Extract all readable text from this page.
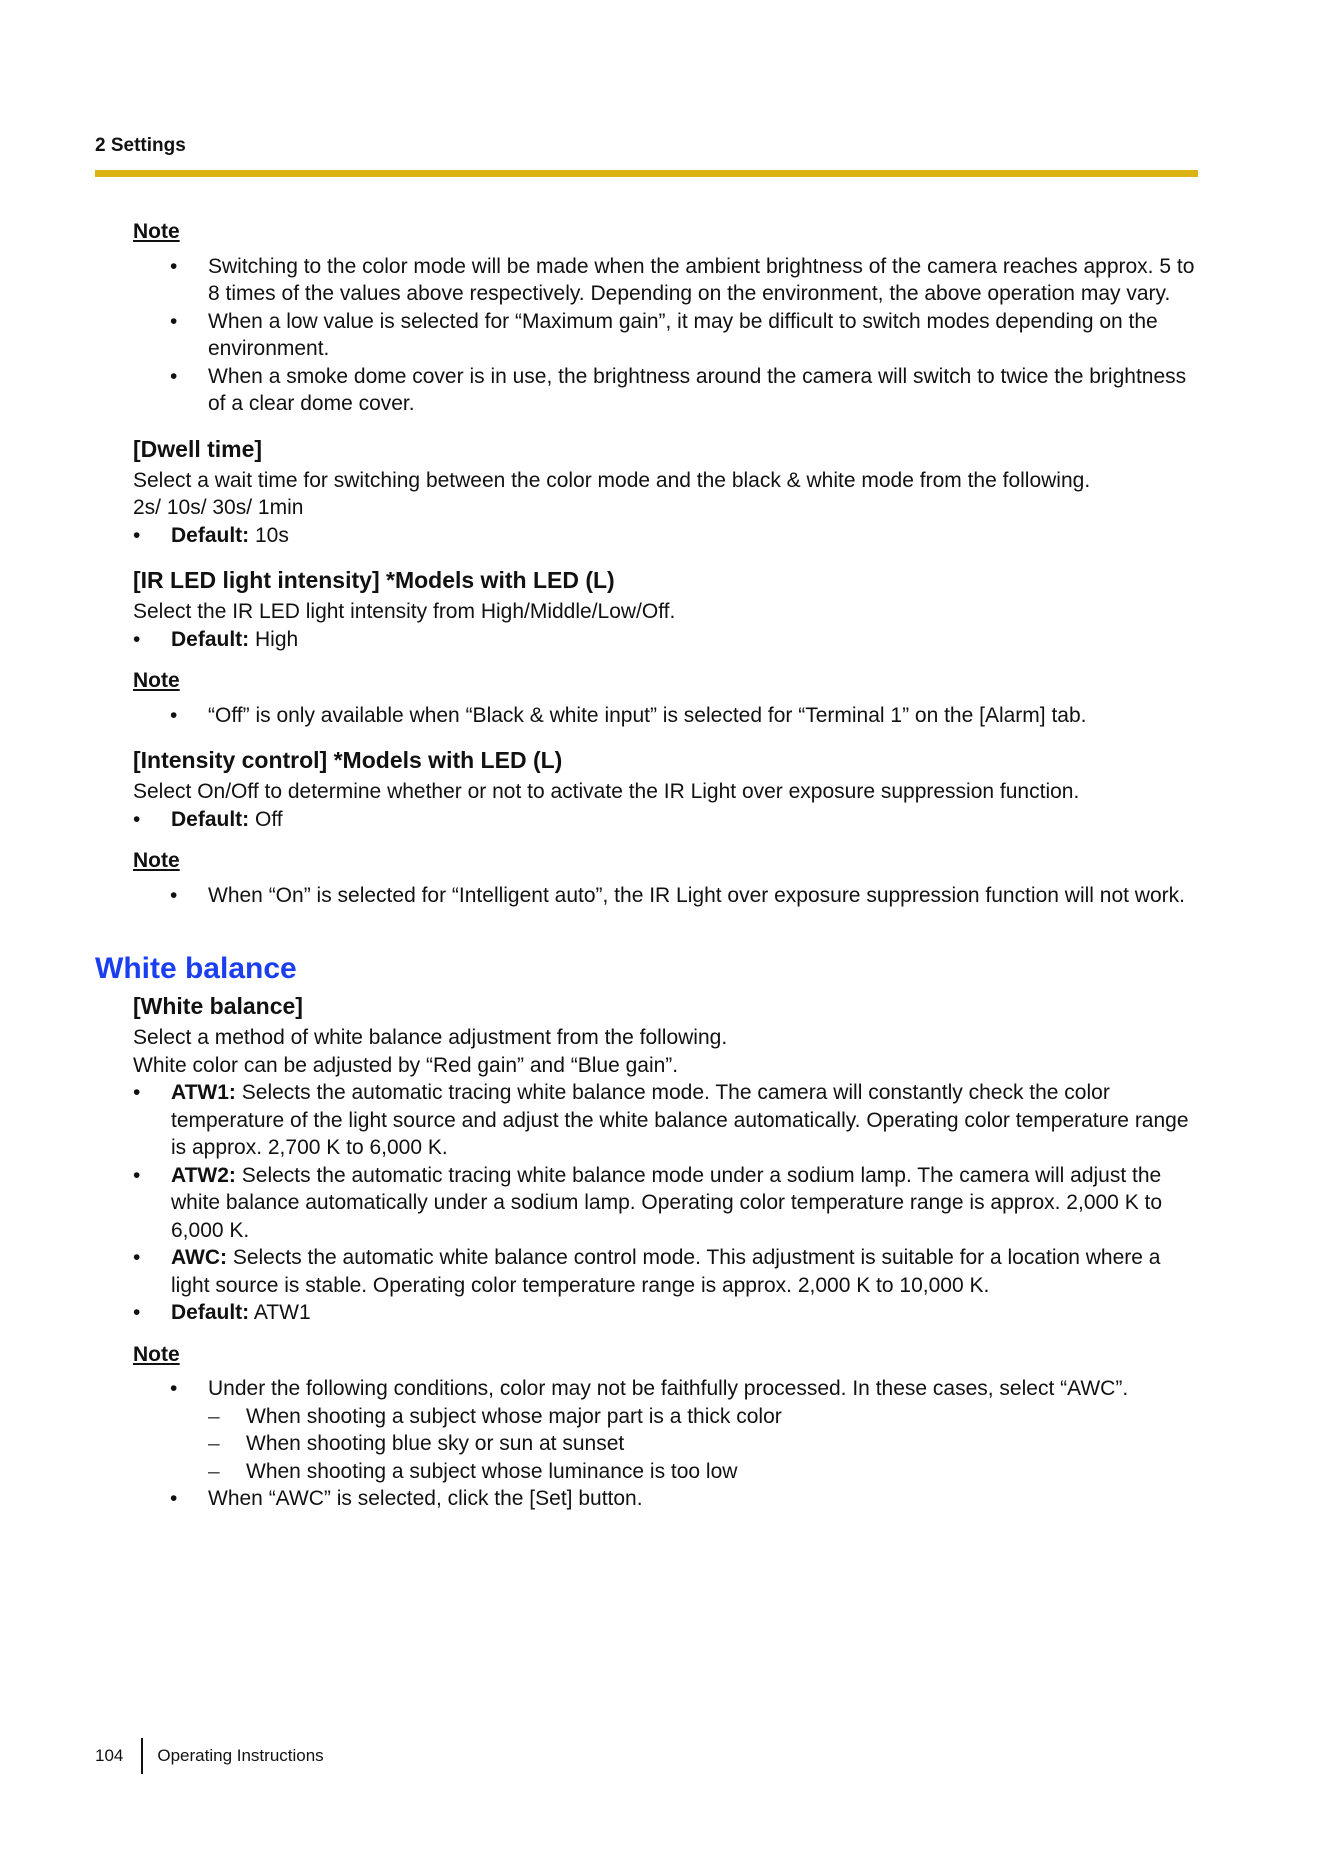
2 Settings
Note
• Switching to the color mode will be made when the ambient brightness of the camera reaches approx. 5 to 8 times of the values above respectively. Depending on the environment, the above operation may vary.
• When a low value is selected for “Maximum gain”, it may be difficult to switch modes depending on the environment.
• When a smoke dome cover is in use, the brightness around the camera will switch to twice the brightness of a clear dome cover.
[Dwell time]
Select a wait time for switching between the color mode and the black & white mode from the following.
2s/ 10s/ 30s/ 1min
• Default: 10s
[IR LED light intensity] *Models with LED (L)
Select the IR LED light intensity from High/Middle/Low/Off.
• Default: High
Note
• “Off” is only available when “Black & white input” is selected for “Terminal 1” on the [Alarm] tab.
[Intensity control] *Models with LED (L)
Select On/Off to determine whether or not to activate the IR Light over exposure suppression function.
• Default: Off
Note
• When “On” is selected for “Intelligent auto”, the IR Light over exposure suppression function will not work.
White balance
[White balance]
Select a method of white balance adjustment from the following.
White color can be adjusted by “Red gain” and “Blue gain”.
• ATW1: Selects the automatic tracing white balance mode. The camera will constantly check the color temperature of the light source and adjust the white balance automatically. Operating color temperature range is approx. 2,700 K to 6,000 K.
• ATW2: Selects the automatic tracing white balance mode under a sodium lamp. The camera will adjust the white balance automatically under a sodium lamp. Operating color temperature range is approx. 2,000 K to 6,000 K.
• AWC: Selects the automatic white balance control mode. This adjustment is suitable for a location where a light source is stable. Operating color temperature range is approx. 2,000 K to 10,000 K.
• Default: ATW1
Note
• Under the following conditions, color may not be faithfully processed. In these cases, select “AWC”.
– When shooting a subject whose major part is a thick color
– When shooting blue sky or sun at sunset
– When shooting a subject whose luminance is too low
• When “AWC” is selected, click the [Set] button.
104 Operating Instructions
